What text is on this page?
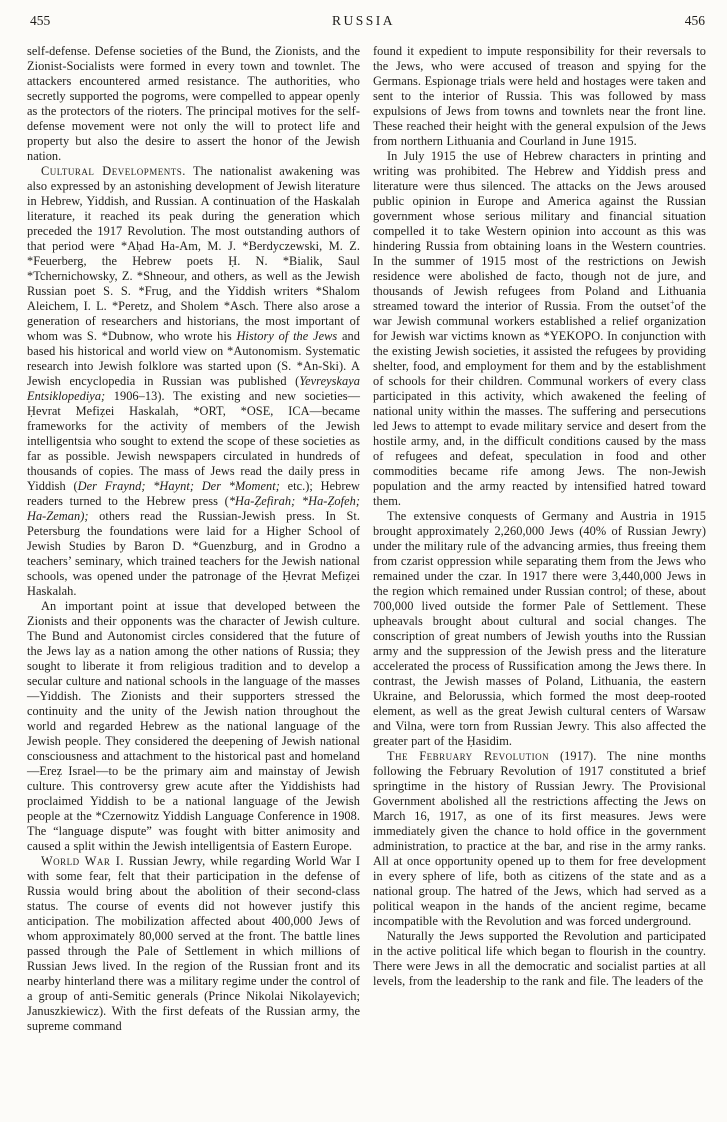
455	RUSSIA	456

self-defense. Defense societies of the Bund, the Zionists, and the Zionist-Socialists were formed in every town and townlet. The attackers encountered armed resistance. The authorities, who secretly supported the pogroms, were compelled to appear openly as the protectors of the rioters. The principal motives for the self-defense movement were not only the will to protect life and property but also the desire to assert the honor of the Jewish nation.

Cultural Developments. The nationalist awakening was also expressed by an astonishing development of Jewish literature in Hebrew, Yiddish, and Russian. A continuation of the Haskalah literature, it reached its peak during the generation which preceded the 1917 Revolution. The most outstanding authors of that period were *Aḥad Ha-Am, M. J. *Berdyczewski, M. Z. *Feuerberg, the Hebrew poets Ḥ. N. *Bialik, Saul *Tchernichowsky, Z. *Shneour, and others, as well as the Jewish Russian poet S. S. *Frug, and the Yiddish writers *Shalom Aleichem, I. L. *Peretz, and Sholem *Asch. There also arose a generation of researchers and historians, the most important of whom was S. *Dubnow, who wrote his History of the Jews and based his historical and world view on *Autonomism. Systematic research into Jewish folklore was started upon (S. *An-Ski). A Jewish encyclopedia in Russian was published (Yevreyskaya Entsiklopediya; 1906–13). The existing and new societies—Ḥevrat Mefiẓei Haskalah, *ORT, *OSE, ICA—became frameworks for the activity of members of the Jewish intelligentsia who sought to extend the scope of these societies as far as possible. Jewish newspapers circulated in hundreds of thousands of copies. The mass of Jews read the daily press in Yiddish (Der Fraynd; *Haynt; Der *Moment; etc.); Hebrew readers turned to the Hebrew press (*Ha-Ẓefirah; *Ha-Ẓofeh; Ha-Zeman); others read the Russian-Jewish press. In St. Petersburg the foundations were laid for a Higher School of Jewish Studies by Baron D. *Guenzburg, and in Grodno a teachers’ seminary, which trained teachers for the Jewish national schools, was opened under the patronage of the Ḥevrat Mefiẓei Haskalah.

An important point at issue that developed between the Zionists and their opponents was the character of Jewish culture. The Bund and Autonomist circles considered that the future of the Jews lay as a nation among the other nations of Russia; they sought to liberate it from religious tradition and to develop a secular culture and national schools in the language of the masses—Yiddish. The Zionists and their supporters stressed the continuity and the unity of the Jewish nation throughout the world and regarded Hebrew as the national language of the Jewish people. They considered the deepening of Jewish national consciousness and attachment to the historical past and homeland—Ereẓ Israel—to be the primary aim and mainstay of Jewish culture. This controversy grew acute after the Yiddishists had proclaimed Yiddish to be a national language of the Jewish people at the *Czernowitz Yiddish Language Conference in 1908. The “language dispute” was fought with bitter animosity and caused a split within the Jewish intelligentsia of Eastern Europe.

World War I. Russian Jewry, while regarding World War I with some fear, felt that their participation in the defense of Russia would bring about the abolition of their second-class status. The course of events did not however justify this anticipation. The mobilization affected about 400,000 Jews of whom approximately 80,000 served at the front. The battle lines passed through the Pale of Settlement in which millions of Russian Jews lived. In the region of the Russian front and its nearby hinterland there was a military regime under the control of a group of anti-Semitic generals (Prince Nikolai Nikolayevich; Januszkiewicz). With the first defeats of the Russian army, the supreme command

found it expedient to impute responsibility for their reversals to the Jews, who were accused of treason and spying for the Germans. Espionage trials were held and hostages were taken and sent to the interior of Russia. This was followed by mass expulsions of Jews from towns and townlets near the front line. These reached their height with the general expulsion of the Jews from northern Lithuania and Courland in June 1915.

In July 1915 the use of Hebrew characters in printing and writing was prohibited. The Hebrew and Yiddish press and literature were thus silenced. The attacks on the Jews aroused public opinion in Europe and America against the Russian government whose serious military and financial situation compelled it to take Western opinion into account as this was hindering Russia from obtaining loans in the Western countries. In the summer of 1915 most of the restrictions on Jewish residence were abolished de facto, though not de jure, and thousands of Jewish refugees from Poland and Lithuania streamed toward the interior of Russia. From the outset+of the war Jewish communal workers established a relief organization for Jewish war victims known as *YEKOPO. In conjunction with the existing Jewish societies, it assisted the refugees by providing shelter, food, and employment for them and by the establishment of schools for their children. Communal workers of every class participated in this activity, which awakened the feeling of national unity within the masses. The suffering and persecutions led Jews to attempt to evade military service and desert from the hostile army, and, in the difficult conditions caused by the mass of refugees and defeat, speculation in food and other commodities became rife among Jews. The non-Jewish population and the army reacted by intensified hatred toward them.

The extensive conquests of Germany and Austria in 1915 brought approximately 2,260,000 Jews (40% of Russian Jewry) under the military rule of the advancing armies, thus freeing them from czarist oppression while separating them from the Jews who remained under the czar. In 1917 there were 3,440,000 Jews in the region which remained under Russian control; of these, about 700,000 lived outside the former Pale of Settlement. These upheavals brought about cultural and social changes. The conscription of great numbers of Jewish youths into the Russian army and the suppression of the Jewish press and the literature accelerated the process of Russification among the Jews there. In contrast, the Jewish masses of Poland, Lithuania, the eastern Ukraine, and Belorussia, which formed the most deep-rooted element, as well as the great Jewish cultural centers of Warsaw and Vilna, were torn from Russian Jewry. This also affected the greater part of the Ḥasidim.

The February Revolution (1917). The nine months following the February Revolution of 1917 constituted a brief springtime in the history of Russian Jewry. The Provisional Government abolished all the restrictions affecting the Jews on March 16, 1917, as one of its first measures. Jews were immediately given the chance to hold office in the government administration, to practice at the bar, and rise in the army ranks. All at once opportunity opened up to them for free development in every sphere of life, both as citizens of the state and as a national group. The hatred of the Jews, which had served as a political weapon in the hands of the ancient regime, became incompatible with the Revolution and was forced underground.

Naturally the Jews supported the Revolution and participated in the active political life which began to flourish in the country. There were Jews in all the democratic and socialist parties at all levels, from the leadership to the rank and file. The leaders of the
